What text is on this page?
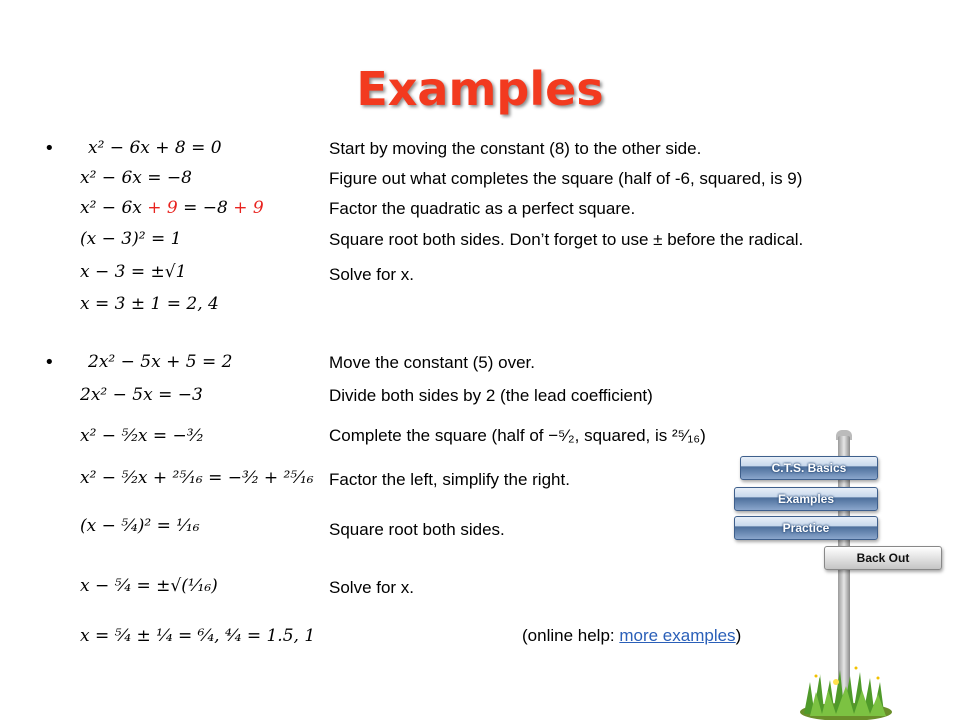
Examples
• x² − 6x + 8 = 0	Start by moving the constant (8) to the other side.
x² − 6x = −8	Figure out what completes the square (half of -6, squared, is 9)
x² − 6x + 9 = −8 + 9	Factor the quadratic as a perfect square.
(x − 3)² = 1	Square root both sides. Don’t forget to use ± before the radical.
x − 3 = ±√1	Solve for x.
x = 3 ± 1 = 2, 4
• 2x² − 5x + 5 = 2	Move the constant (5) over.
2x² − 5x = −3	Divide both sides by 2 (the lead coefficient)
x² − ⁵⁄₂x = −³⁄₂	Complete the square (half of −⁵⁄₂, squared, is ²⁵⁄₁₆)
x² − ⁵⁄₂x + ²⁵⁄₁₆ = −³⁄₂ + ²⁵⁄₁₆ Factor the left, simplify the right.
(x − ⁵⁄₄)² = ¹⁄₁₆	Square root both sides.
x − ⁵⁄₄ = ±√(¹⁄₁₆)	Solve for x.
x = ⁵⁄₄ ± ¹⁄₄ = ⁶⁄₄, ⁴⁄₄ = 1.5, 1	(online help: more examples)
C.T.S. Basics
Examples
Practice
Back Out
